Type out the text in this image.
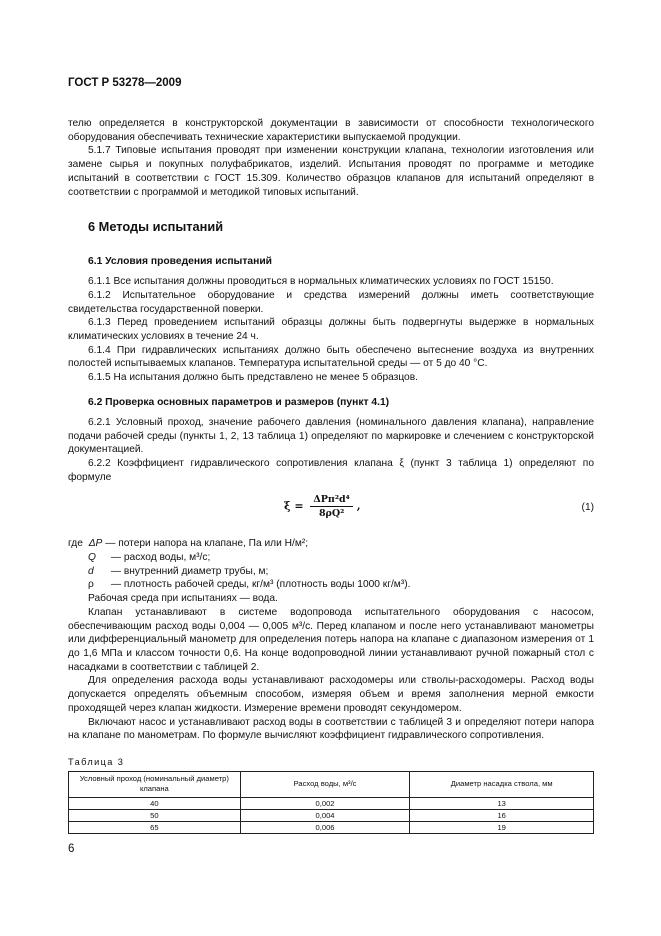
ГОСТ Р 53278—2009

телю определяется в конструкторской документации в зависимости от способности технологического оборудования обеспечивать технические характеристики выпускаемой продукции.

5.1.7 Типовые испытания проводят при изменении конструкции клапана, технологии изготовления или замене сырья и покупных полуфабрикатов, изделий. Испытания проводят по программе и методике испытаний в соответствии с ГОСТ 15.309. Количество образцов клапанов для испытаний определяют в соответствии с программой и методикой типовых испытаний.

6 Методы испытаний
6.1 Условия проведения испытаний

6.1.1 Все испытания должны проводиться в нормальных климатических условиях по ГОСТ 15150.

6.1.2 Испытательное оборудование и средства измерений должны иметь соответствующие свидетельства государственной поверки.

6.1.3 Перед проведением испытаний образцы должны быть подвергнуты выдержке в нормальных климатических условиях в течение 24 ч.

6.1.4 При гидравлических испытаниях должно быть обеспечено вытеснение воздуха из внутренних полостей испытываемых клапанов. Температура испытательной среды — от 5 до 40 °С.

6.1.5 На испытания должно быть представлено не менее 5 образцов.

6.2 Проверка основных параметров и размеров (пункт 4.1)

6.2.1 Условный проход, значение рабочего давления (номинального давления клапана), направление подачи рабочей среды (пункты 1, 2, 13 таблица 1) определяют по маркировке и слечением с конструкторской документацией.

6.2.2 Коэффициент гидравлического сопротивления клапана ξ (пункт 3 таблица 1) определяют по формуле

$\xi = \frac{\text{ΔPπ²d⁴}}{\text{8ρQ²}}$ ,	(1)

где ΔP — потери напора на клапане, Па или Н/м²;

Q — расход воды, м³/с;

d — внутренний диаметр трубы, м;

ρ — плотность рабочей среды, кг/м³ (плотность воды 1000 кг/м³).

Рабочая среда при испытаниях — вода.

Клапан устанавливают в системе водопровода испытательного оборудования с насосом, обеспечивающим расход воды 0,004 — 0,005 м³/с. Перед клапаном и после него устанавливают манометры или дифференциальный манометр для определения потерь напора на клапане с диапазоном измерения от 1 до 1,6 МПа и классом точности 0,6. На конце водопроводной линии устанавливают ручной пожарный стол с насадками в соответствии с таблицей 2.

Для определения расхода воды устанавливают расходомеры или стволы-расходомеры. Расход воды допускается определять объемным способом, измеряя объем и время заполнения мерной емкости проходящей через клапан жидкости. Измерение времени проводят секундомером.

Включают насос и устанавливают расход воды в соответствии с таблицей 3 и определяют потери напора на клапане по манометрам. По формуле вычисляют коэффициент гидравлического сопротивления.

Таблица 3
Условный проход (номинальный диаметр) клапана	Расход воды, м³/с	Диаметр насадка ствола, мм
40	0,002	13
50	0,004	16
65	0,006	19
6
